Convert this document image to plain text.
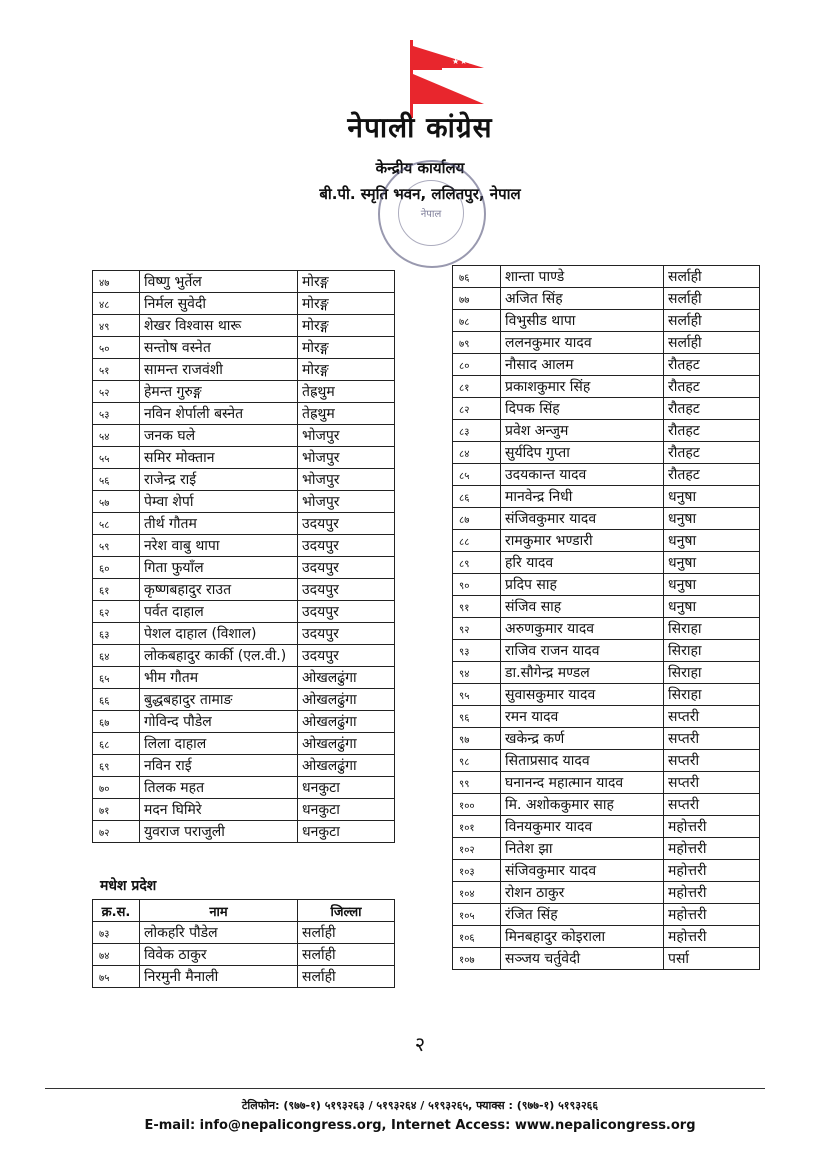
★ ★ ★ ★
नेपाली कांग्रेस
केन्द्रीय कार्यालय
बी.पी. स्मृति भवन, ललितपुर, नेपाल
नेपाल
४७	विष्णु भुर्तेल	मोरङ्ग
४८	निर्मल सुवेदी	मोरङ्ग
४९	शेखर विश्वास थारू	मोरङ्ग
५०	सन्तोष वस्नेत	मोरङ्ग
५१	सामन्त राजवंशी	मोरङ्ग
५२	हेमन्त गुरुङ्ग	तेह्रथुम
५३	नविन शेर्पाली बस्नेत	तेह्रथुम
५४	जनक घले	भोजपुर
५५	समिर मोक्तान	भोजपुर
५६	राजेन्द्र राई	भोजपुर
५७	पेम्वा शेर्पा	भोजपुर
५८	तीर्थ गौतम	उदयपुर
५९	नरेश वाबु थापा	उदयपुर
६०	गिता फुयाँल	उदयपुर
६१	कृष्णबहादुर राउत	उदयपुर
६२	पर्वत दाहाल	उदयपुर
६३	पेशल दाहाल (विशाल)	उदयपुर
६४	लोकबहादुर कार्की (एल.वी.)	उदयपुर
६५	भीम गौतम	ओखलढुंगा
६६	बुद्धबहादुर तामाङ	ओखलढुंगा
६७	गोविन्द पौडेल	ओखलढुंगा
६८	लिला दाहाल	ओखलढुंगा
६९	नविन राई	ओखलढुंगा
७०	तिलक महत	धनकुटा
७१	मदन घिमिरे	धनकुटा
७२	युवराज पराजुली	धनकुटा
७६	शान्ता पाण्डे	सर्लाही
७७	अजित सिंह	सर्लाही
७८	विभुसीड थापा	सर्लाही
७९	ललनकुमार यादव	सर्लाही
८०	नौसाद आलम	रौतहट
८१	प्रकाशकुमार सिंह	रौतहट
८२	दिपक सिंह	रौतहट
८३	प्रवेश अन्जुम	रौतहट
८४	सुर्यदिप गुप्ता	रौतहट
८५	उदयकान्त यादव	रौतहट
८६	मानवेन्द्र निधी	धनुषा
८७	संजिवकुमार यादव	धनुषा
८८	रामकुमार भण्डारी	धनुषा
८९	हरि यादव	धनुषा
९०	प्रदिप साह	धनुषा
९१	संजिव साह	धनुषा
९२	अरुणकुमार यादव	सिराहा
९३	राजिव राजन यादव	सिराहा
९४	डा.सौगेन्द्र मण्डल	सिराहा
९५	सुवासकुमार यादव	सिराहा
९६	रमन यादव	सप्तरी
९७	खकेन्द्र कर्ण	सप्तरी
९८	सिताप्रसाद यादव	सप्तरी
९९	घनानन्द महात्मान यादव	सप्तरी
१००	मि. अशोककुमार साह	सप्तरी
१०१	विनयकुमार यादव	महोत्तरी
१०२	नितेश झा	महोत्तरी
१०३	संजिवकुमार यादव	महोत्तरी
१०४	रोशन ठाकुर	महोत्तरी
१०५	रंजित सिंह	महोत्तरी
१०६	मिनबहादुर कोइराला	महोत्तरी
१०७	सञ्जय चर्तुवेदी	पर्सा
मधेश प्रदेश
क्र.स.	नाम	जिल्ला
७३	लोकहरि पौडेल	सर्लाही
७४	विवेक ठाकुर	सर्लाही
७५	निरमुनी मैनाली	सर्लाही
२
टेलिफोन: (९७७-१) ५१९३२६३ / ५१९३२६४ / ५१९३२६५, फ्याक्स : (९७७-१) ५१९३२६६
E-mail: info@nepalicongress.org, Internet Access: www.nepalicongress.org
